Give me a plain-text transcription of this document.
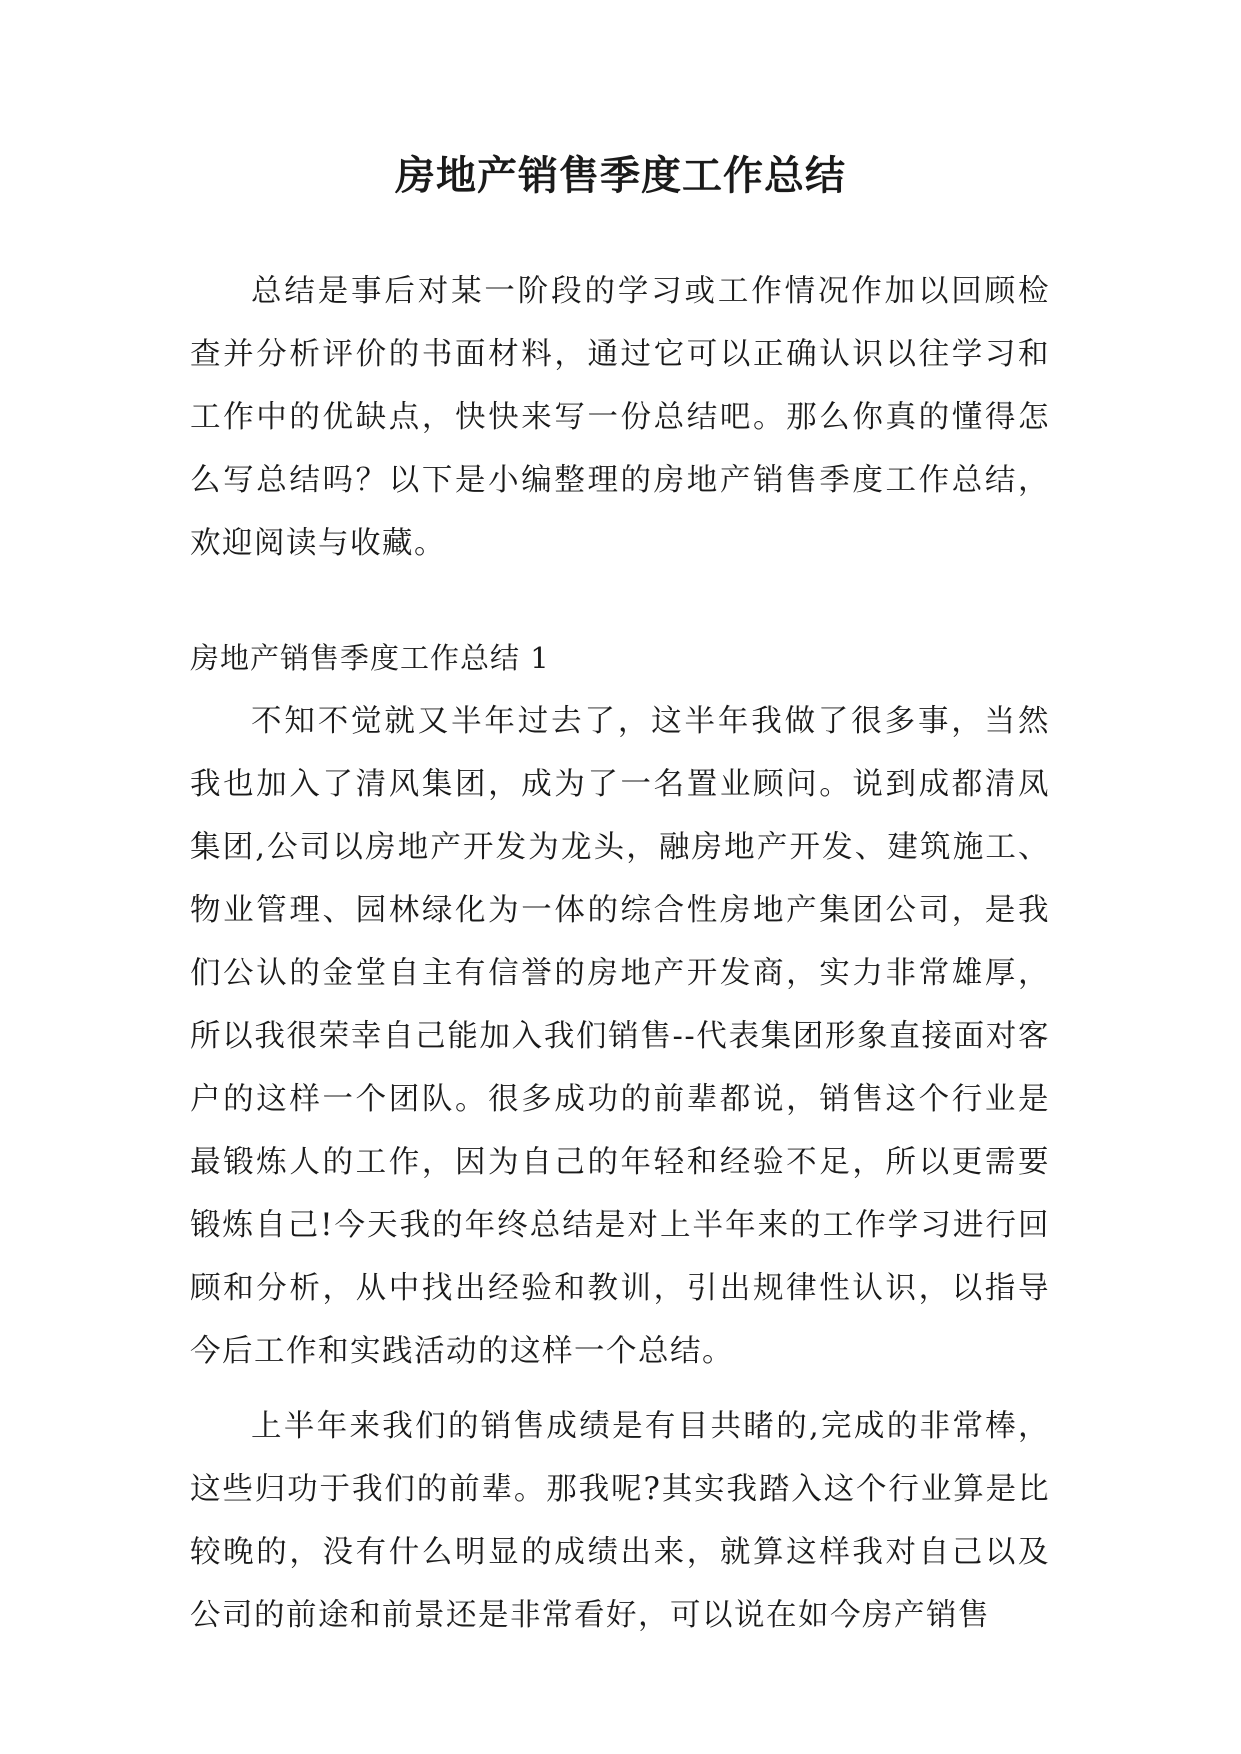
房地产销售季度工作总结

总结是事后对某一阶段的学习或工作情况作加以回顾检查并分析评价的书面材料，通过它可以正确认识以往学习和工作中的优缺点，快快来写一份总结吧。那么你真的懂得怎么写总结吗？以下是小编整理的房地产销售季度工作总结，欢迎阅读与收藏。

房地产销售季度工作总结 1

不知不觉就又半年过去了，这半年我做了很多事，当然我也加入了清风集团，成为了一名置业顾问。说到成都清凤集团,公司以房地产开发为龙头，融房地产开发、建筑施工、物业管理、园林绿化为一体的综合性房地产集团公司，是我们公认的金堂自主有信誉的房地产开发商，实力非常雄厚，所以我很荣幸自己能加入我们销售--代表集团形象直接面对客户的这样一个团队。很多成功的前辈都说，销售这个行业是最锻炼人的工作，因为自己的年轻和经验不足，所以更需要锻炼自己!今天我的年终总结是对上半年来的工作学习进行回顾和分析，从中找出经验和教训，引出规律性认识，以指导今后工作和实践活动的这样一个总结。

上半年来我们的销售成绩是有目共睹的,完成的非常棒，这些归功于我们的前辈。那我呢?其实我踏入这个行业算是比较晚的，没有什么明显的成绩出来，就算这样我对自己以及公司的前途和前景还是非常看好，可以说在如今房产销售
